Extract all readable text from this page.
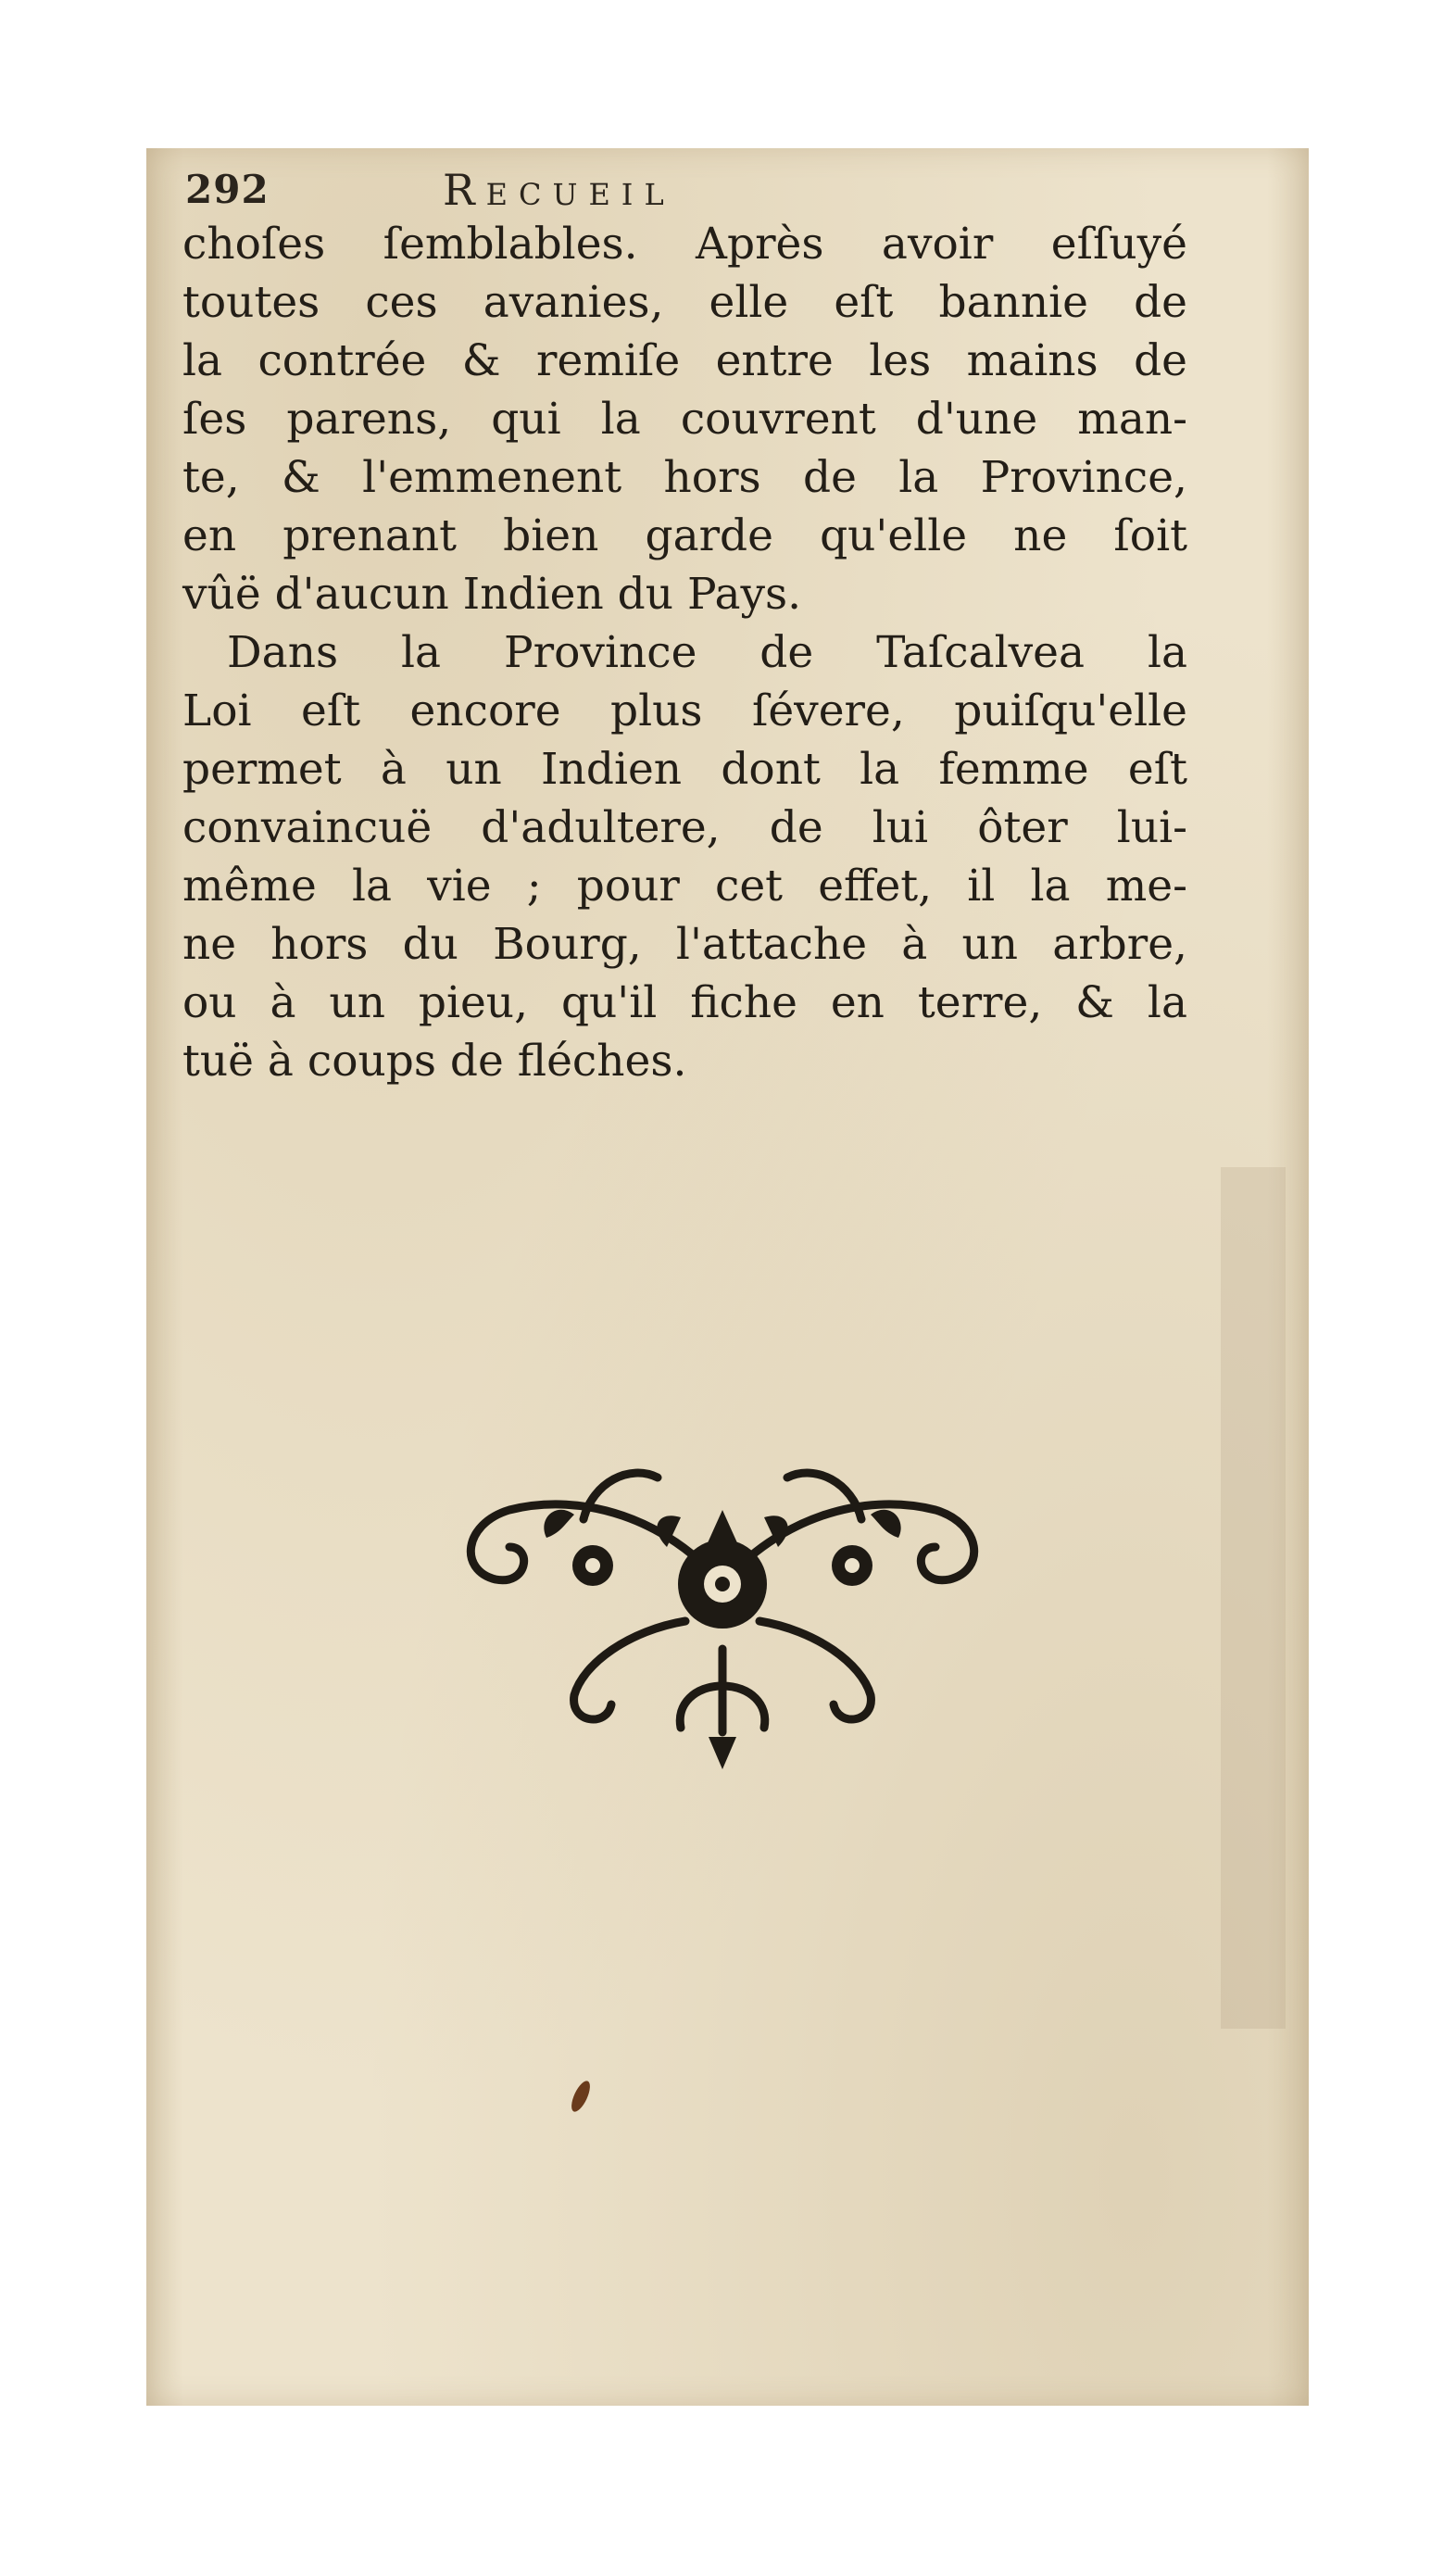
292	Recueil
choſes ſemblables. Après avoir eſſuyé
toutes ces avanies, elle eſt bannie de
la contrée & remiſe entre les mains de
ſes parens, qui la couvrent d'une man-
te, & l'emmenent hors de la Province,
en prenant bien garde qu'elle ne ſoit
vûë d'aucun Indien du Pays.
Dans la Province de Taſcalvea la
Loi eſt encore plus ſévere, puiſqu'elle
permet à un Indien dont la femme eſt
convaincuë d'adultere, de lui ôter lui-
même la vie ; pour cet effet, il la me-
ne hors du Bourg, l'attache à un arbre,
ou à un pieu, qu'il fiche en terre, & la
tuë à coups de fléches.
